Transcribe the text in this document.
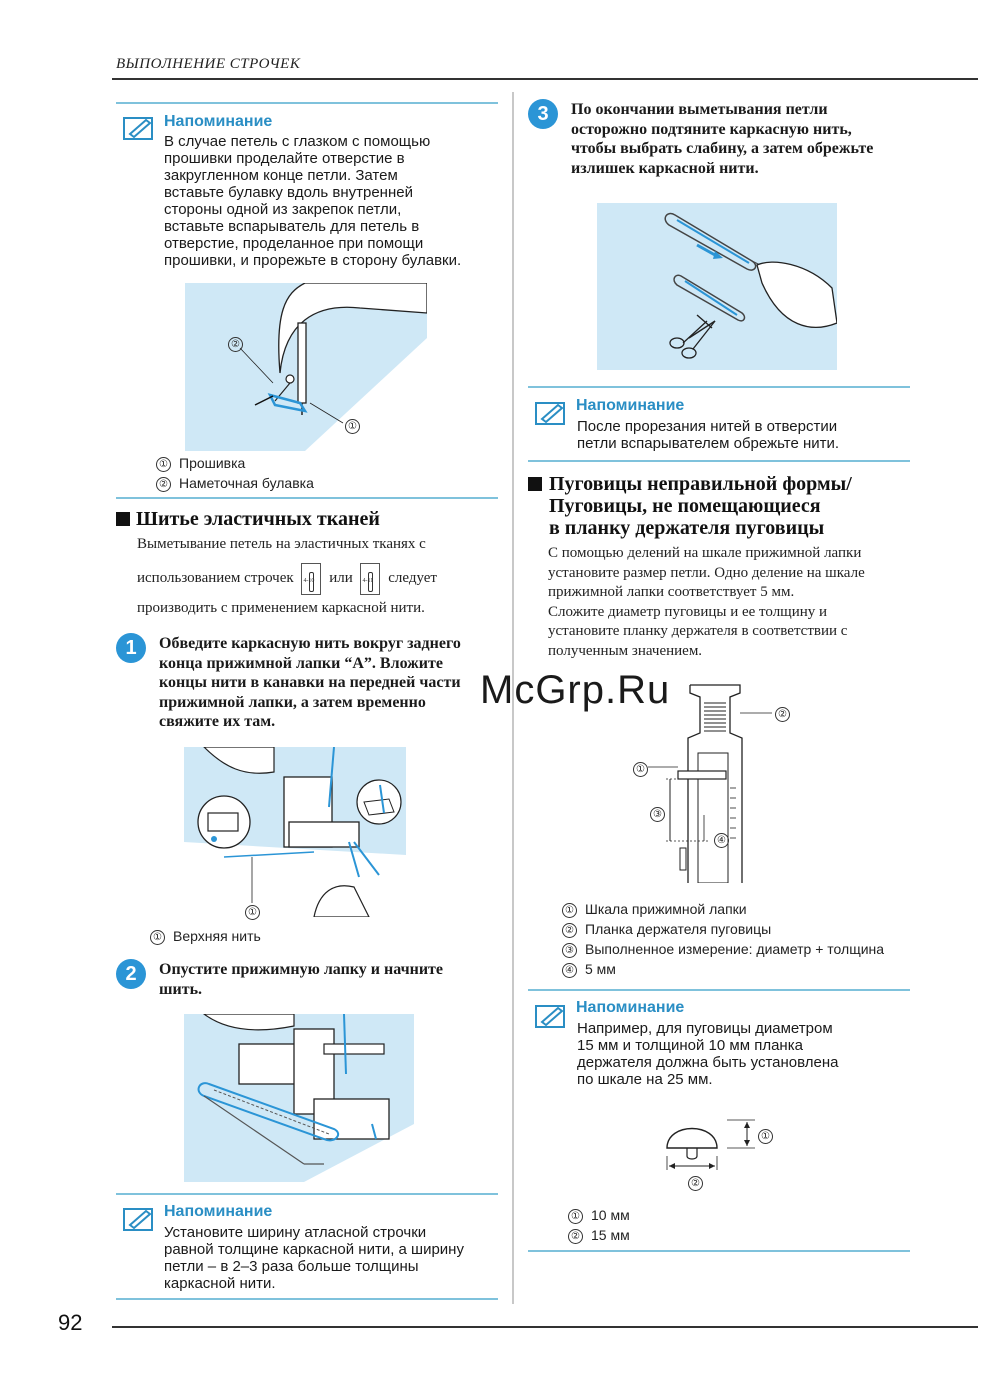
ВЫПОЛНЕНИЕ СТРОЧЕК
Напоминание
В случае петель с глазком с помощью
прошивки проделайте отверстие в
закругленном конце петли. Затем
вставьте булавку вдоль внутренней
стороны одной из закрепок петли,
вставьте вспарыватель для петель в
отверстие, проделанное при помощи
прошивки, и прорежьте в сторону булавки.
②
①
① Прошивка
② Наметочная булавка
Шитье эластичных тканей
Выметывание петель на эластичных тканях с
использованием строчек 4-10 или 4-11 следует
производить с применением каркасной нити.
1	Обведите каркасную нить вокруг заднего
конца прижимной лапки “А”. Вложите
концы нити в канавки на передней части
прижимной лапки, а затем временно
свяжите их там.
①
① Верхняя нить
2	Опустите прижимную лапку и начните
шить.
Напоминание
Установите ширину атласной строчки
равной толщине каркасной нити, а ширину
петли – в 2–3 раза больше толщины
каркасной нити.
3	По окончании выметывания петли
осторожно подтяните каркасную нить,
чтобы выбрать слабину, а затем обрежьте
излишек каркасной нити.
Напоминание
После прорезания нитей в отверстии
петли вспарывателем обрежьте нити.
Пуговицы неправильной формы/
Пуговицы, не помещающиеся
в планку держателя пуговицы
С помощью делений на шкале прижимной лапки
установите размер петли. Одно деление на шкале
прижимной лапки соответствует 5 мм.
Сложите диаметр пуговицы и ее толщину и
установите планку держателя в соответствии с
полученным значением.
McGrp.Ru
②
①
③
④
① Шкала прижимной лапки
② Планка держателя пуговицы
③ Выполненное измерение: диаметр + толщина
④ 5 мм
Напоминание
Например, для пуговицы диаметром
15 мм и толщиной 10 мм планка
держателя должна быть установлена
по шкале на 25 мм.
①
②
① 10 мм
② 15 мм
92
